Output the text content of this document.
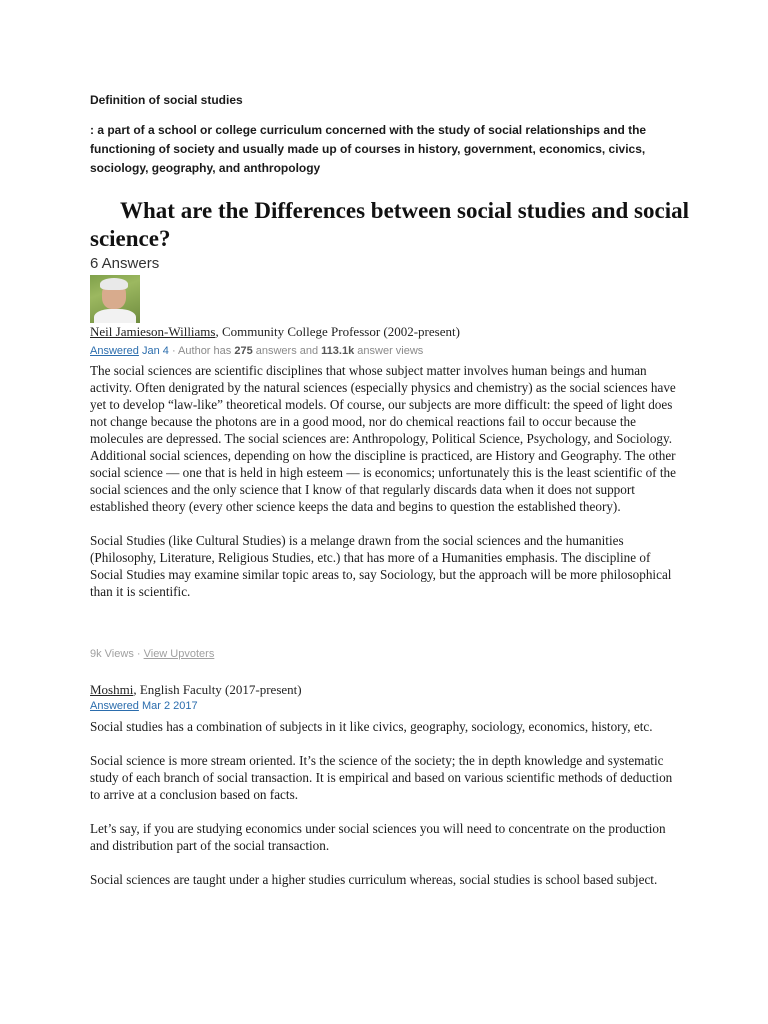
Definition of social studies
: a part of a school or college curriculum concerned with the study of social relationships and the functioning of society and usually made up of courses in history, government, economics, civics, sociology, geography, and anthropology
What are the Differences between social studies and social science?
6 Answers
Neil Jamieson-Williams, Community College Professor (2002-present)
Answered Jan 4 · Author has 275 answers and 113.1k answer views

The social sciences are scientific disciplines that whose subject matter involves human beings and human activity. Often denigrated by the natural sciences (especially physics and chemistry) as the social sciences have yet to develop “law-like” theoretical models. Of course, our subjects are more difficult: the speed of light does not change because the photons are in a good mood, nor do chemical reactions fail to occur because the molecules are depressed. The social sciences are: Anthropology, Political Science, Psychology, and Sociology. Additional social sciences, depending on how the discipline is practiced, are History and Geography. The other social science — one that is held in high esteem — is economics; unfortunately this is the least scientific of the social sciences and the only science that I know of that regularly discards data when it does not support established theory (every other science keeps the data and begins to question the established theory).

Social Studies (like Cultural Studies) is a melange drawn from the social sciences and the humanities (Philosophy, Literature, Religious Studies, etc.) that has more of a Humanities emphasis. The discipline of Social Studies may examine similar topic areas to, say Sociology, but the approach will be more philosophical than it is scientific.

9k Views · View Upvoters
Moshmi, English Faculty (2017-present)
Answered Mar 2 2017

Social studies has a combination of subjects in it like civics, geography, sociology, economics, history, etc.

Social science is more stream oriented. It’s the science of the society; the in depth knowledge and systematic study of each branch of social transaction. It is empirical and based on various scientific methods of deduction to arrive at a conclusion based on facts.

Let’s say, if you are studying economics under social sciences you will need to concentrate on the production and distribution part of the social transaction.

Social sciences are taught under a higher studies curriculum whereas, social studies is school based subject.
